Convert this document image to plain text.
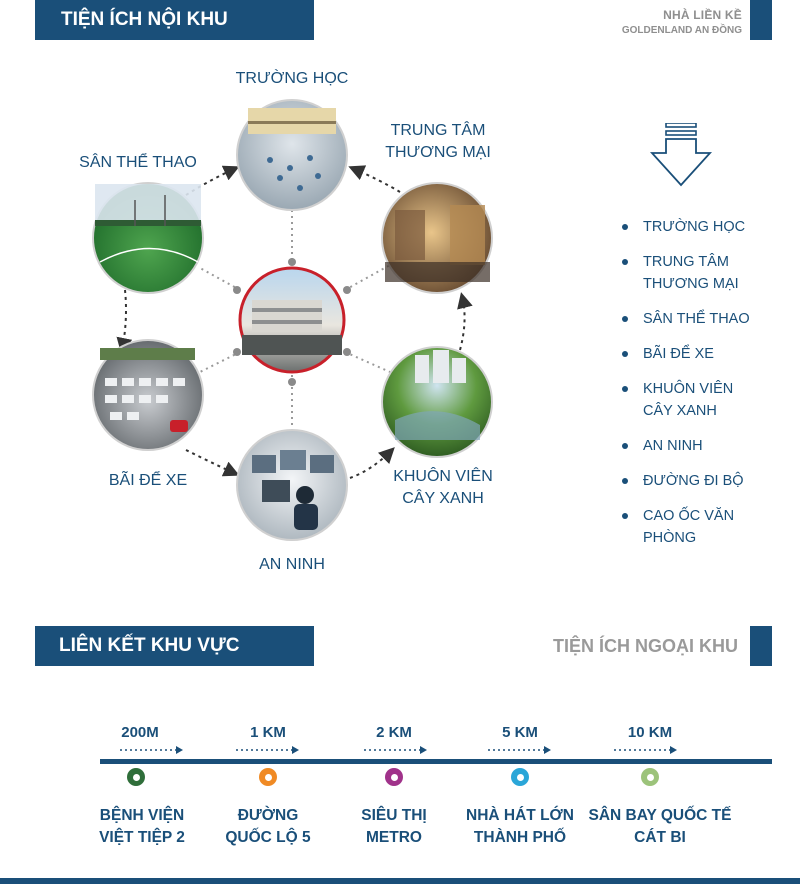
TIỆN ÍCH NỘI KHU	NHÀ LIỀN KỀ
GOLDENLAND AN ĐỒNG
TRƯỜNG HỌC
TRUNG TÂM
THƯƠNG MẠI
KHUÔN VIÊN
CÂY XANH
AN NINH
BÃI ĐỂ XE
SÂN THỂ THAO
TRƯỜNG HỌC
TRUNG TÂM
THƯƠNG MẠI
SÂN THỂ THAO
BÃI ĐỂ XE
KHUÔN VIÊN
CÂY XANH
AN NINH
ĐƯỜNG ĐI BỘ
CAO ỐC VĂN PHÒNG
LIÊN KẾT KHU VỰC	TIỆN ÍCH NGOẠI KHU
200M
BỆNH VIỆN
VIỆT TIỆP 2
1 KM
ĐƯỜNG
QUỐC LỘ 5
2 KM
SIÊU THỊ
METRO
5 KM
NHÀ HÁT LỚN
THÀNH PHỐ
10 KM
SÂN BAY QUỐC TẾ
CÁT BI
